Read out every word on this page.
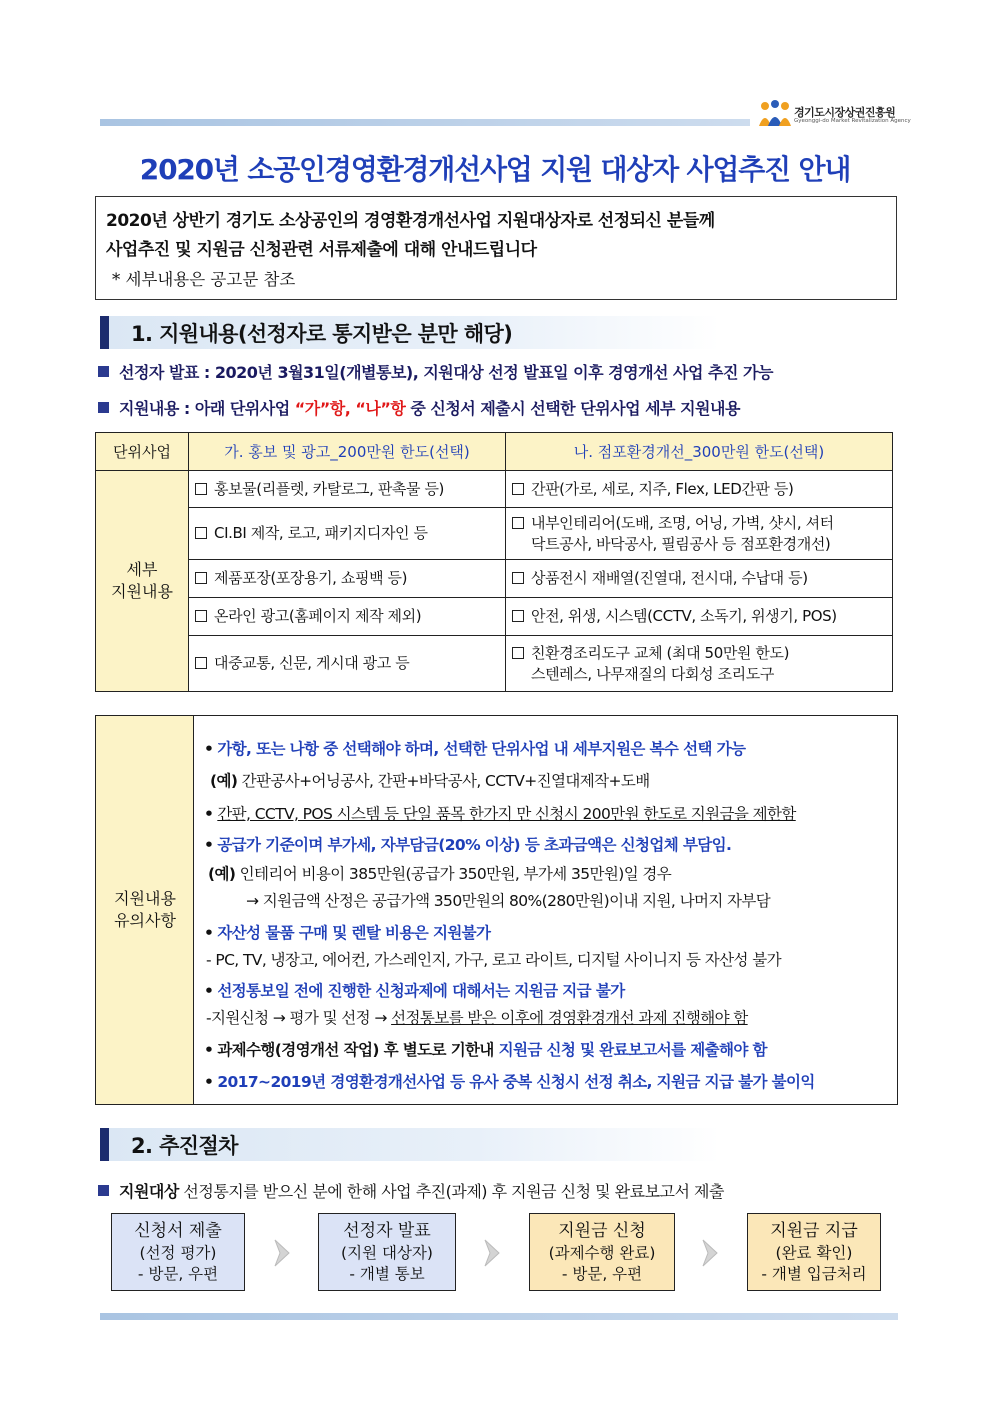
경기도시장상권진흥원
Gyeonggi-do Market Revitalization Agency
2020년 소공인경영환경개선사업 지원 대상자 사업추진 안내
2020년 상반기 경기도 소상공인의 경영환경개선사업 지원대상자로 선정되신 분들께
사업추진 및 지원금 신청관련 서류제출에 대해 안내드립니다
* 세부내용은 공고문 참조
1. 지원내용(선정자로 통지받은 분만 해당)
선정자 발표 : 2020년 3월31일(개별통보), 지원대상 선정 발표일 이후 경영개선 사업 추진 가능
지원내용 : 아래 단위사업 “가”항, “나”항 중 신청서 제출시 선택한 단위사업 세부 지원내용
단위사업	가. 홍보 및 광고_200만원 한도(선택)	나. 점포환경개선_300만원 한도(선택)

세부
지원내용	홍보물(리플렛, 카탈로그, 판촉물 등)	간판(가로, 세로, 지주, Flex, LED간판 등)
	CI.BI 제작, 로고, 패키지디자인 등	내부인테리어(도배, 조명, 어닝, 가벽, 샷시, 셔터
닥트공사, 바닥공사, 필림공사 등 점포환경개선)

	제품포장(포장용기, 쇼핑백 등)	상품전시 재배열(진열대, 전시대, 수납대 등)
	온라인 광고(홈페이지 제작 제외)	안전, 위생, 시스템(CCTV, 소독기, 위생기, POS)
	대중교통, 신문, 게시대 광고 등	친환경조리도구 교체 (최대 50만원 한도)
스텐레스, 나무재질의 다회성 조리도구
지원내용
유의사항
• 가항, 또는 나항 중 선택해야 하며, 선택한 단위사업 내 세부지원은 복수 선택 가능
(예) 간판공사+어닝공사, 간판+바닥공사, CCTV+진열대제작+도배
• 간판, CCTV, POS 시스템 등 단일 품목 한가지 만 신청시 200만원 한도로 지원금을 제한함
• 공급가 기준이며 부가세, 자부담금(20% 이상) 등 초과금액은 신청업체 부담임.
(예) 인테리어 비용이 385만원(공급가 350만원, 부가세 35만원)일 경우
→ 지원금액 산정은 공급가액 350만원의 80%(280만원)이내 지원, 나머지 자부담
• 자산성 물품 구매 및 렌탈 비용은 지원불가
- PC, TV, 냉장고, 에어컨, 가스레인지, 가구, 로고 라이트, 디지털 사이니지 등 자산성 불가
• 선정통보일 전에 진행한 신청과제에 대해서는 지원금 지급 불가
-지원신청 → 평가 및 선정 → 선정통보를 받은 이후에 경영환경개선 과제 진행해야 함
• 과제수행(경영개선 작업) 후 별도로 기한내 지원금 신청 및 완료보고서를 제출해야 함
• 2017~2019년 경영환경개선사업 등 유사 중복 신청시 선정 취소, 지원금 지급 불가 불이익
2. 추진절차
지원대상 선정통지를 받으신 분에 한해 사업 추진(과제) 후 지원금 신청 및 완료보고서 제출
신청서 제출
(선정 평가)
- 방문, 우편
선정자 발표
(지원 대상자)
- 개별 통보
지원금 신청
(과제수행 완료)
- 방문, 우편
지원금 지급
(완료 확인)
- 개별 입금처리
